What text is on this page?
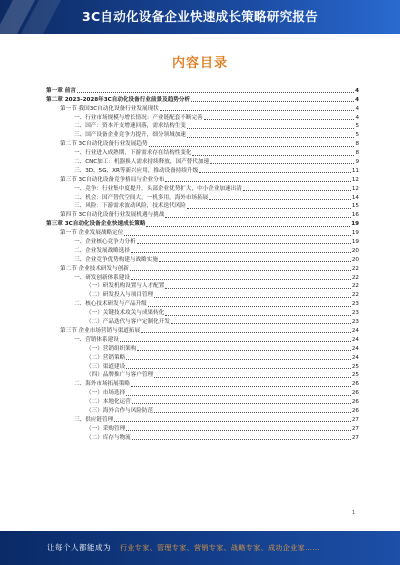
3C自动化设备企业快速成长策略研究报告
内容目录
第一章 前言	4
第二章 2023-2028年3C自动化设备行业前景及趋势分析	4
第一节 我国3C自动化设备行业发展现状	4
一、行业市场规模与增长情况：产业链配套不断完善	4
二、国产：资本开支增速回落，需求结构生变	5
三、国产设备企业竞争力提升，细分领域加速	5
第二节 3C自动化设备行业发展趋势	8
一、行业进入成熟期，下游需求存在结构性变化	8
二、CNC加工：机器换人需求持续释放，国产替代加速	9
三、3D、5G、XR等新兴应用，推动设备持续升级	11
第三节 3C自动化设备竞争格局与企业分布	12
一、竞争：行业集中度提升，头部企业优势扩大，中小企业加速出清	12
二、机会：国产替代空间大，一机多用，海外市场拓展	14
三、风险：下游需求波动风险，技术迭代风险	15
第四节 3C自动化设备行业发展机遇与挑战	16
第三章 3C自动化设备企业快速成长策略	19
第一节 企业发展战略定位	19
一、企业核心竞争力分析	19
二、企业发展战略选择	20
三、企业竞争优势构建与战略实施	20
第二节 企业技术研发与创新	22
一、研发创新体系建设	22
（一）研发机构设置与人才配置	22
（二）研发投入与项目管理	22
二、核心技术研发与产品升级	23
（一）关键技术攻关与成果转化	23
（二）产品迭代与客户定制化开发	23
第三节 企业市场营销与渠道拓展	24
一、营销体系建设	24
（一）营销组织架构	24
（二）营销策略	24
（三）渠道建设	25
（四）品牌推广与客户管理	25
二、海外市场拓展策略	26
（一）市场选择	26
（二）本地化运营	26
（三）海外合作与风险防范	26
三、供应链管理	27
（一）采购管理	27
（二）库存与物流	27
1
让每个人都能成为 行业专家、管理专家、营销专家、战略专家、成功企业家……
